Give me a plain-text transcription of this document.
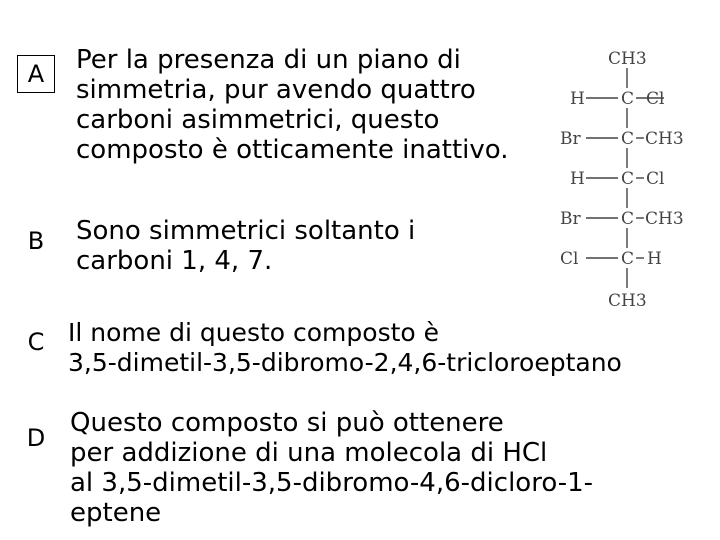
A	Per la presenza di un piano di
simmetria, pur avendo quattro
carboni asimmetrici, questo
composto è otticamente inattivo.
B	Sono simmetrici soltanto i
carboni 1, 4, 7.
C Il nome di questo composto è
3,5-dimetil-3,5-dibromo-2,4,6-tricloroeptano
D Questo composto si può ottenere
per addizione di una molecola di HCl
al 3,5-dimetil-3,5-dibromo-4,6-dicloro-1-
eptene
CH3
H C Cl
Br C CH3
H C Cl
Br C CH3
Cl	C H
CH3
